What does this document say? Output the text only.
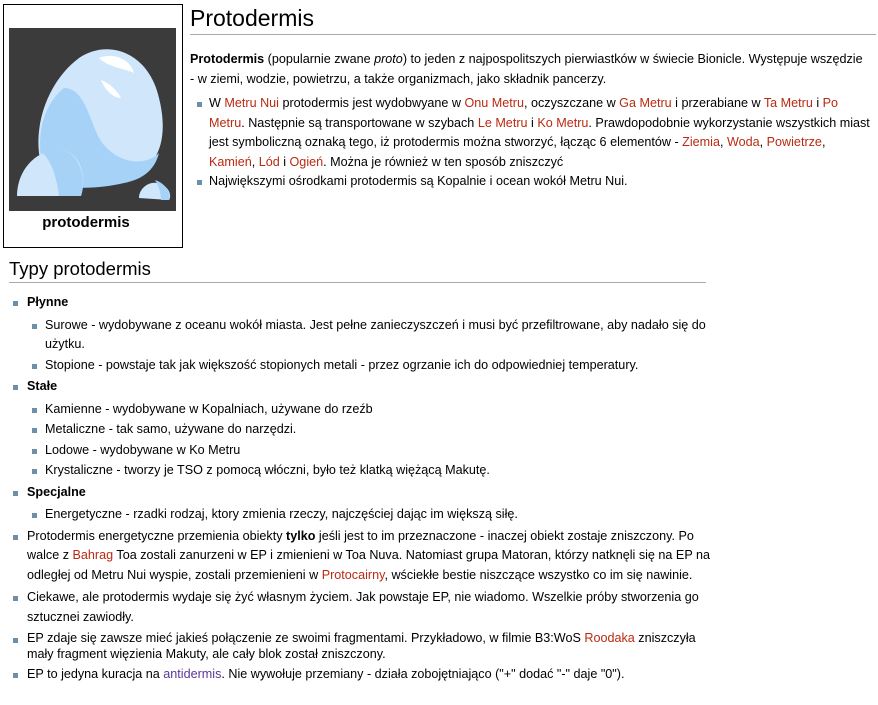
protodermis
Protodermis

Protodermis (popularnie zwane proto) to jeden z najpospolitszych pierwiastków w świecie Bionicle. Występuje wszędzie - w ziemi, wodzie, powietrzu, a także organizmach, jako składnik pancerzy.

W Metru Nui protodermis jest wydobwyane w Onu Metru, oczyszczane w Ga Metru i przerabiane w Ta Metru i Po Metru. Następnie są transportowane w szybach Le Metru i Ko Metru. Prawdopodobnie wykorzystanie wszystkich miast jest symboliczną oznaką tego, iż protodermis można stworzyć, łącząc 6 elementów - Ziemia, Woda, Powietrze, Kamień, Lód i Ogień. Można je również w ten sposób zniszczyć
Największymi ośrodkami protodermis są Kopalnie i ocean wokół Metru Nui.
Typy protodermis
Płynne
Surowe - wydobywane z oceanu wokół miasta. Jest pełne zanieczyszczeń i musi być przefiltrowane, aby nadało się do użytku.
Stopione - powstaje tak jak większość stopionych metali - przez ogrzanie ich do odpowiedniej temperatury.
Stałe
Kamienne - wydobywane w Kopalniach, używane do rzeźb
Metaliczne - tak samo, używane do narzędzi.
Lodowe - wydobywane w Ko Metru
Krystaliczne - tworzy je TSO z pomocą włóczni, było też klatką więżącą Makutę.
Specjalne
Energetyczne - rzadki rodzaj, ktory zmienia rzeczy, najczęściej dając im większą siłę.
Protodermis energetyczne przemienia obiekty tylko jeśli jest to im przeznaczone - inaczej obiekt zostaje zniszczony. Po walce z Bahrag Toa zostali zanurzeni w EP i zmienieni w Toa Nuva. Natomiast grupa Matoran, którzy natknęli się na EP na odległej od Metru Nui wyspie, zostali przemienieni w Protocairny, wściekłe bestie niszczące wszystko co im się nawinie.
Ciekawe, ale protodermis wydaje się żyć własnym życiem. Jak powstaje EP, nie wiadomo. Wszelkie próby stworzenia go sztucznei zawiodły.
EP zdaje się zawsze mieć jakieś połączenie ze swoimi fragmentami. Przykładowo, w filmie B3:WoS Roodaka zniszczyła mały fragment więzienia Makuty, ale cały blok został zniszczony.
EP to jedyna kuracja na antidermis. Nie wywołuje przemiany - działa zobojętniająco ("+" dodać "-" daje "0").
